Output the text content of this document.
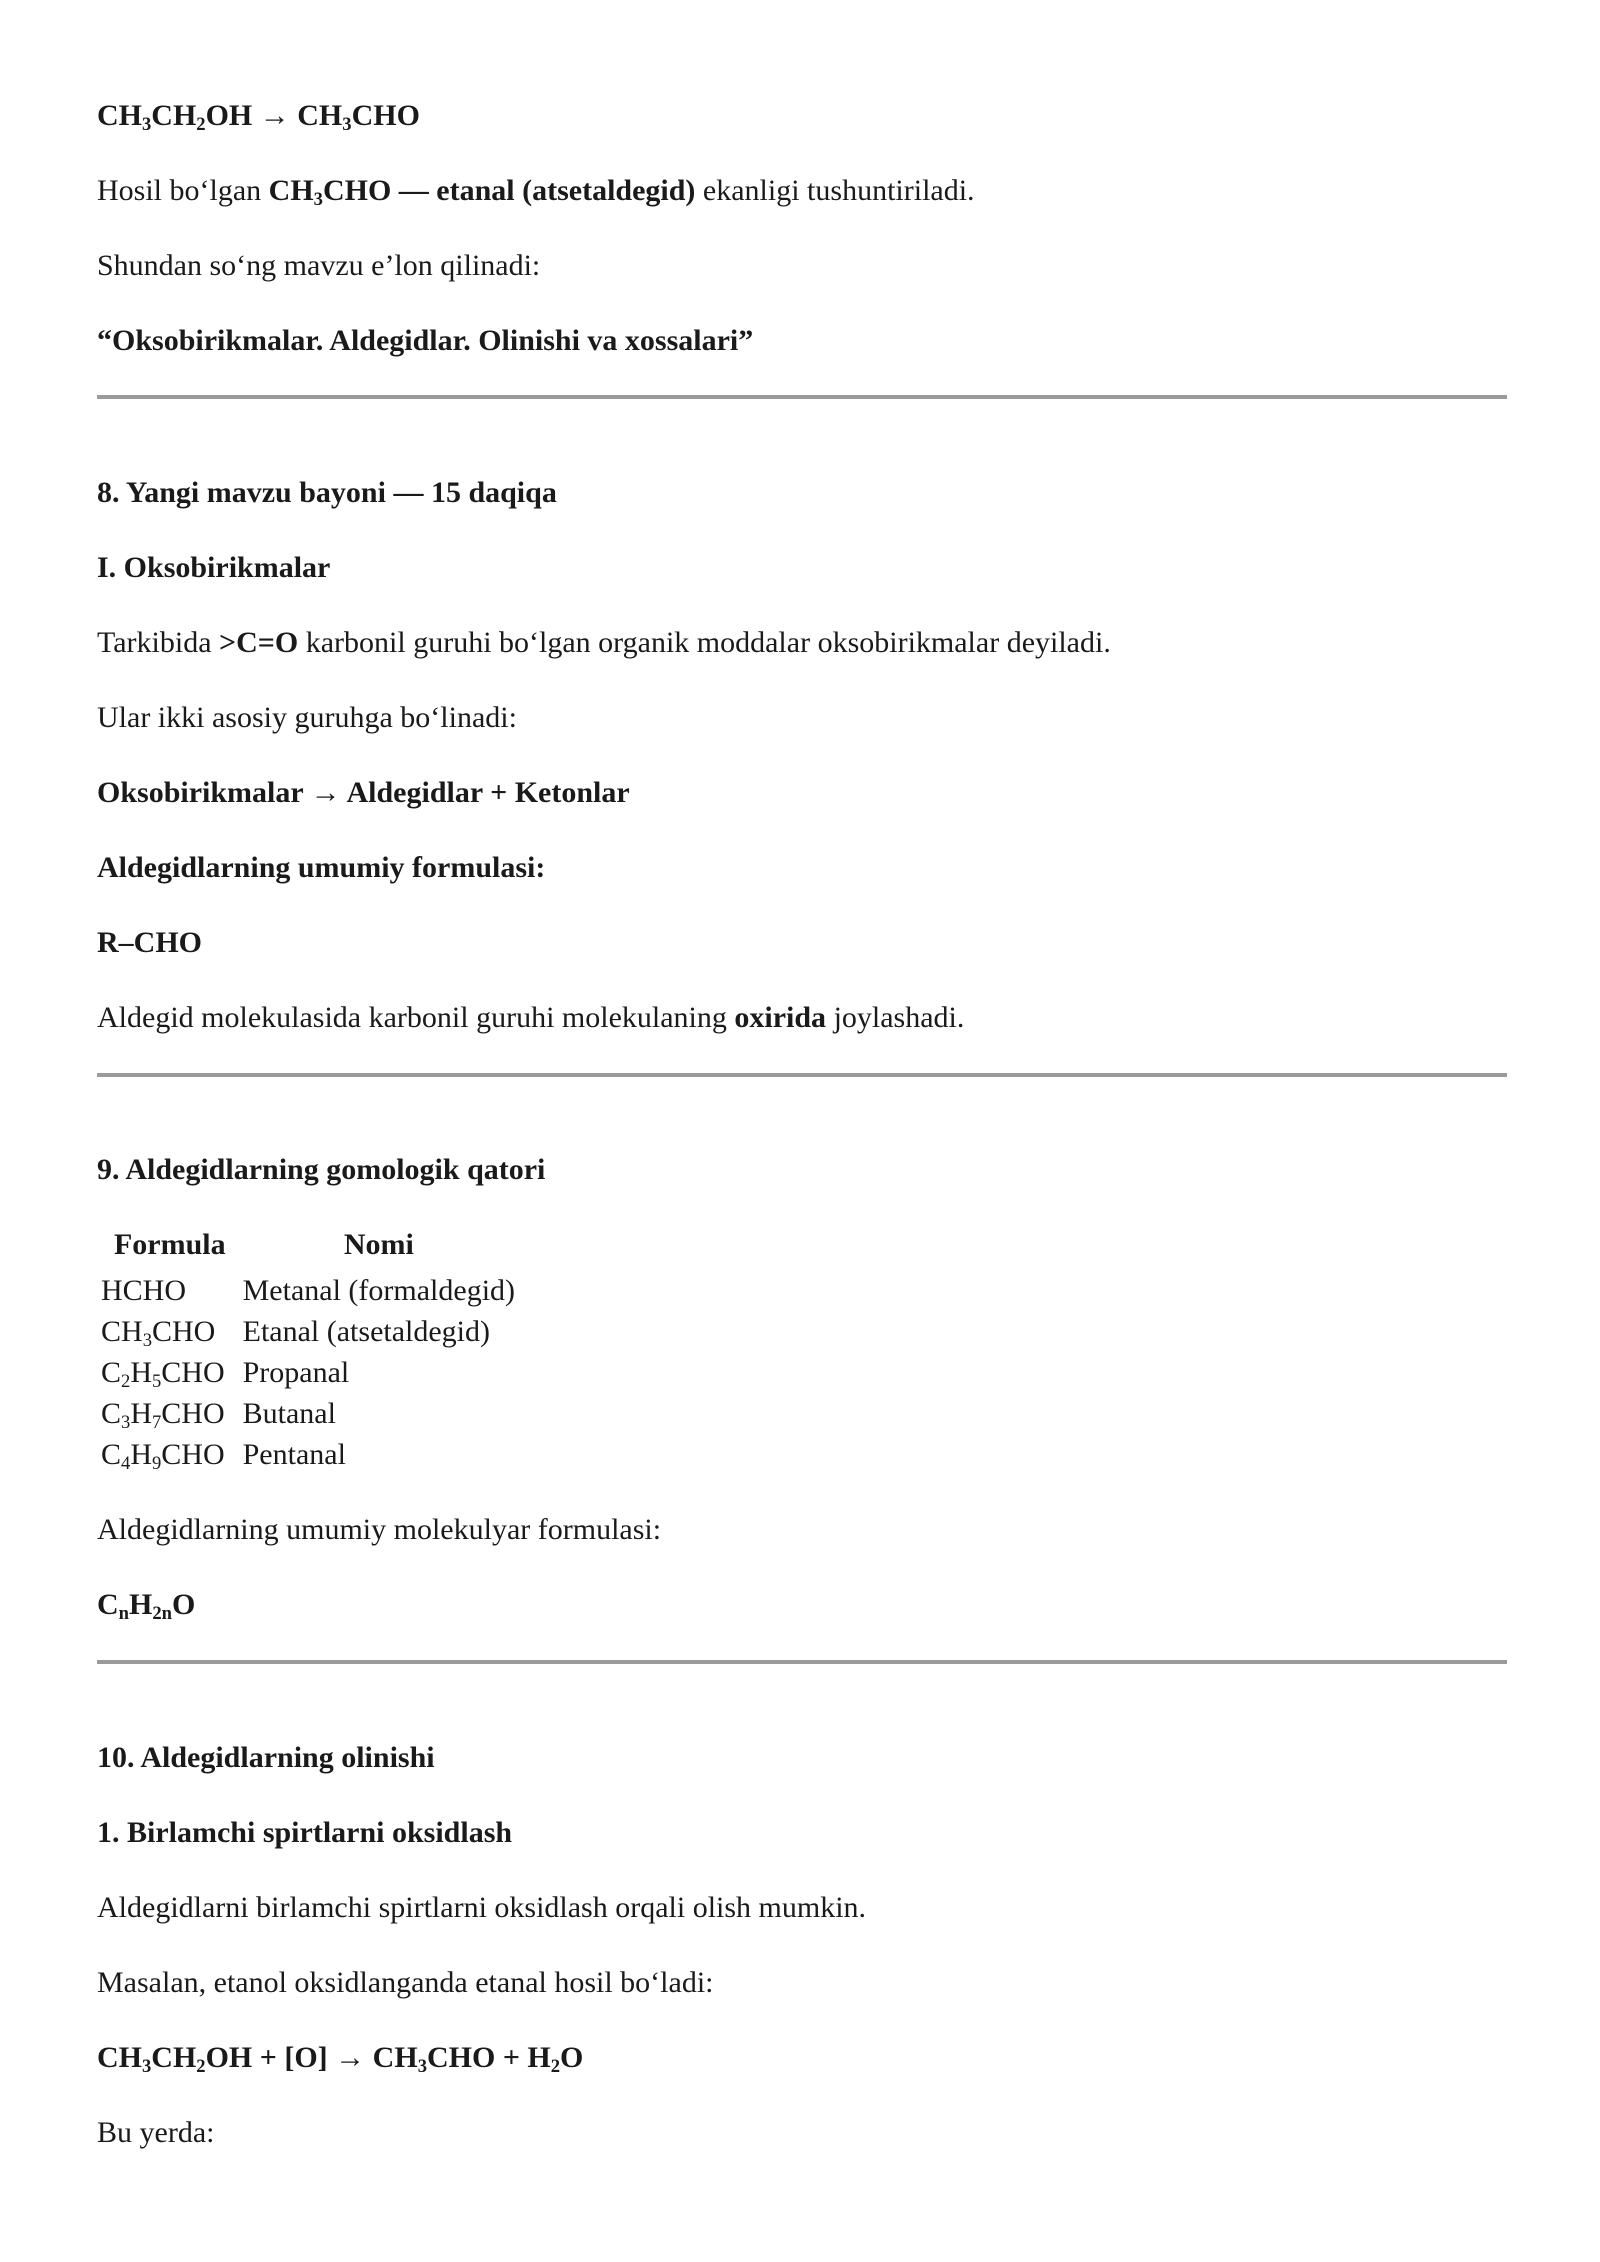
$CH_3CH_2OH \to CH_3CHO$
Hosil bo‘lgan $CH_3CHO$ — etanal (atsetaldegid) ekanligi tushuntiriladi.
Shundan so‘ng mavzu e’lon qilinadi:
“Oksobirikmalar. Aldegidlar. Olinishi va xossalari”
8. Yangi mavzu bayoni — 15 daqiqa
I. Oksobirikmalar
Tarkibida >C=O karbonil guruhi bo‘lgan organik moddalar oksobirikmalar deyiladi.
Ular ikki asosiy guruhga bo‘linadi:
Oksobirikmalar → Aldegidlar + Ketonlar
Aldegidlarning umumiy formulasi:
R–CHO
Aldegid molekulasida karbonil guruhi molekulaning oxirida joylashadi.
9. Aldegidlarning gomologik qatori
Formula	Nomi
HCHO	Metanal (formaldegid)
$CH_3CHO$	Etanal (atsetaldegid)
$C_2H_5CHO$	Propanal
$C_3H_7CHO$	Butanal
$C_4H_9CHO$	Pentanal
Aldegidlarning umumiy molekulyar formulasi:
$C_nH_{2n}O$
10. Aldegidlarning olinishi
1. Birlamchi spirtlarni oksidlash
Aldegidlarni birlamchi spirtlarni oksidlash orqali olish mumkin.
Masalan, etanol oksidlanganda etanal hosil bo‘ladi:
$CH_3CH_2OH + [O] \to CH_3CHO + H_2O$
Bu yerda:
